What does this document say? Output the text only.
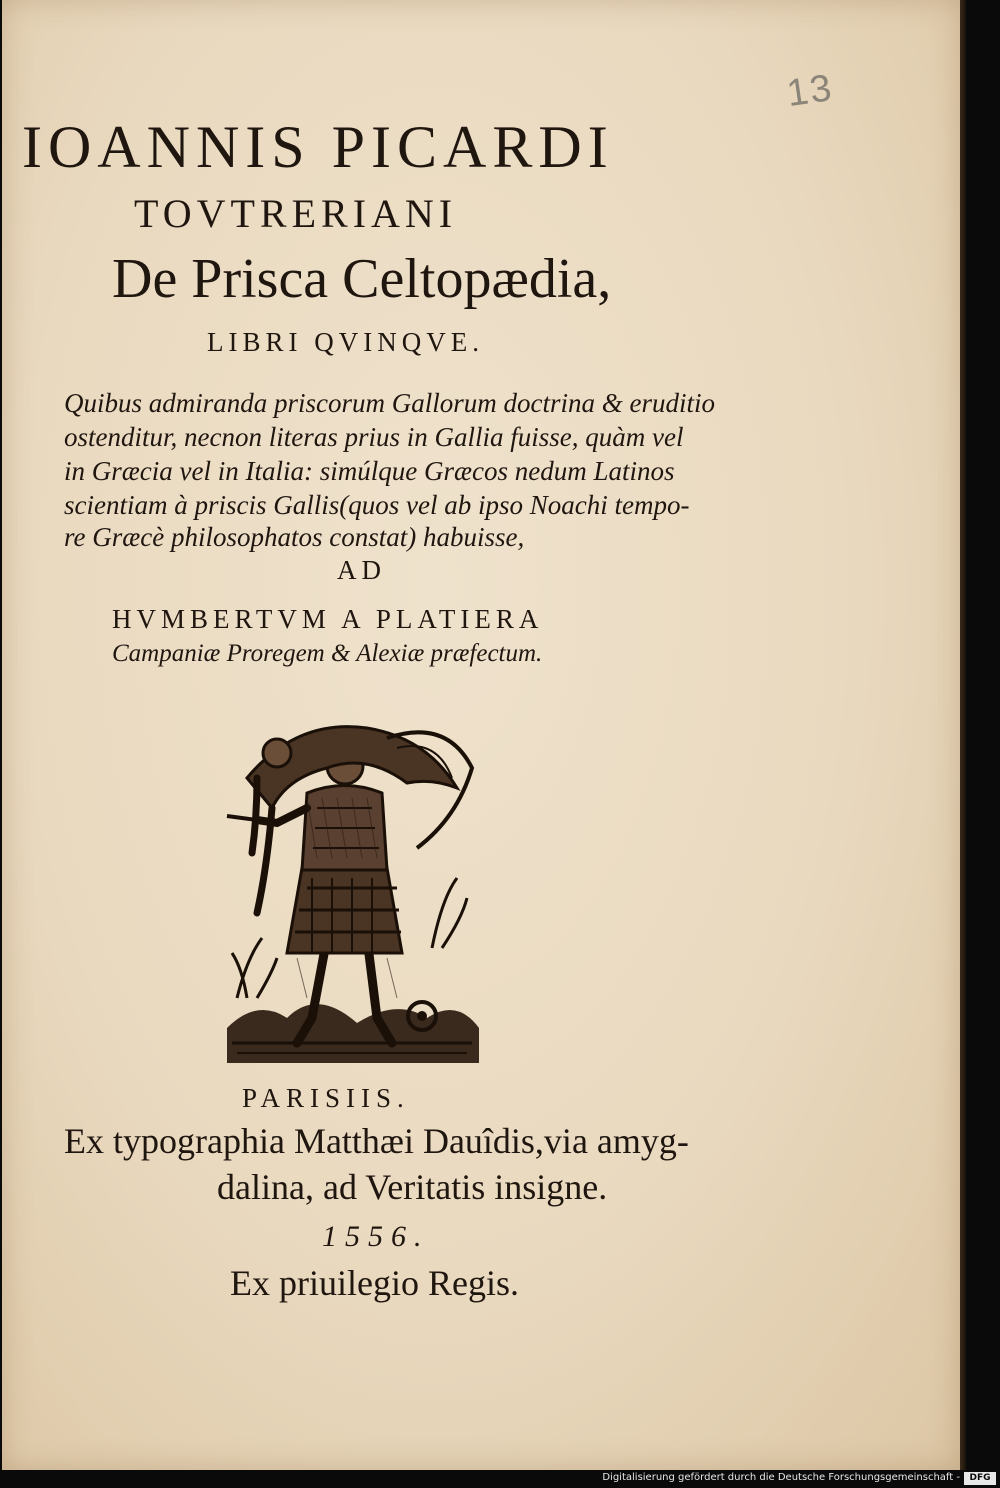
13
IOANNIS PICARDI
TOVTRERIANI
De Prisca Celtopædia,
LIBRI QVINQVE.
Quibus admiranda priscorum Gallorum doctrina & eruditio
ostenditur, necnon literas prius in Gallia fuisse, quàm vel
in Græcia vel in Italia: simúlque Græcos nedum Latinos
scientiam à priscis Gallis(quos vel ab ipso Noachi tempo-
re Græcè philosophatos constat) habuisse,
AD
HVMBERTVM A PLATIERA
Campaniæ Proregem & Alexiæ præfectum.
PARISIIS.
Ex typographia Matthæi Dauîdis,via amyg-
dalina, ad Veritatis insigne.
1556.
Ex priuilegio Regis.
Digitalisierung gefördert durch die Deutsche Forschungsgemeinschaft -	DFG
